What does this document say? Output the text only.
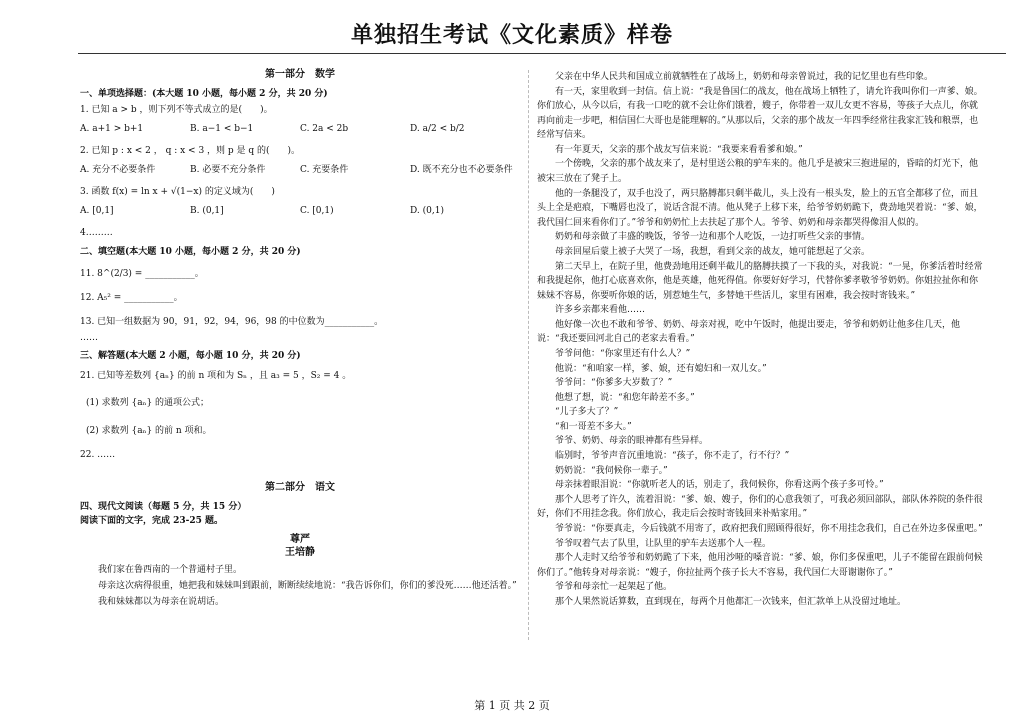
单独招生考试《文化素质》样卷
第一部分　数学
一、单项选择题：(本大题 10 小题，每小题 2 分，共 20 分)
1. 已知 a > b ，则下列不等式成立的是(　　)。
A. a+1 > b+1	B. a−1 < b−1	C. 2a < 2b	D. a/2 < b/2
2. 已知 p : x < 2 ， q : x < 3 ，则 p 是 q 的(　　)。
A. 充分不必要条件	B. 必要不充分条件	C. 充要条件	D. 既不充分也不必要条件
3. 函数 f(x) = ln x + √(1−x) 的定义域为(　　)
A. [0,1]	B. (0,1]	C. [0,1)	D. (0,1)
4………
二、填空题(本大题 10 小题，每小题 2 分，共 20 分)
11. 8^(2/3) = ___________。
12. A₅² = ___________。
13. 已知一组数据为 90，91，92，94，96，98 的中位数为___________。
……
三、解答题(本大题 2 小题，每小题 10 分，共 20 分)
21. 已知等差数列 {aₙ} 的前 n 项和为 Sₙ ，且 a₃ = 5 ，S₂ = 4 。
(1) 求数列 {aₙ} 的通项公式；
(2) 求数列 {aₙ} 的前 n 项和。
22. ……
第二部分　语文
四、现代文阅读（每题 5 分，共 15 分）
阅读下面的文字，完成 23-25 题。
尊严
王培静

我们家在鲁西南的一个普通村子里。

母亲这次病得很重，她把我和妹妹叫到跟前，断断续续地说：“我告诉你们，你们的爹没死……他还活着。”

我和妹妹都以为母亲在说胡话。

父亲在中华人民共和国成立前就牺牲在了战场上，奶奶和母亲曾说过，我的记忆里也有些印象。

有一天，家里收到一封信。信上说：“我是鲁国仁的战友，他在战场上牺牲了，请允许我叫你们一声爹、娘。你们放心，从今以后，有我一口吃的就不会让你们饿着，嫂子，你带着一双儿女更不容易，等孩子大点儿，你就再向前走一步吧，相信国仁大哥也是能理解的。”从那以后，父亲的那个战友一年四季经常往我家汇钱和粮票，也经常写信来。

有一年夏天，父亲的那个战友写信来说：“我要来看看爹和娘。”

一个傍晚，父亲的那个战友来了，是村里送公粮的驴车来的。他几乎是被宋三抱进屋的，昏暗的灯光下，他被宋三放在了凳子上。

他的一条腿没了，双手也没了，两只胳膊都只剩半截儿，头上没有一根头发，脸上的五官全都移了位，而且头上全是疤痕，下嘴唇也没了，说话含混不清。他从凳子上移下来，给爷爷奶奶跪下，费劲地哭着说：“爹、娘，我代国仁回来看你们了。”爷爷和奶奶忙上去扶起了那个人。爷爷、奶奶和母亲都哭得像泪人似的。

奶奶和母亲做了丰盛的晚饭，爷爷一边和那个人吃饭，一边打听些父亲的事情。

母亲回屋后蒙上被子大哭了一场，我想，看到父亲的战友，她可能想起了父亲。

第二天早上，在院子里，他费劲地用还剩半截儿的胳膊扶摸了一下我的头，对我说：“一晃，你爹活着时经常和我提起你，他打心底喜欢你，他是英雄，他死得值。你要好好学习，代替你爹孝敬爷爷奶奶。你姐拉扯你和你妹妹不容易，你要听你娘的话，别惹她生气，多替她干些活儿，家里有困难，我会按时寄钱来。”

许多乡亲都来看他……

他好像一次也不敢和爷爷、奶奶、母亲对视，吃中午饭时，他提出要走，爷爷和奶奶让他多住几天，他说：“我还要回河北自己的老家去看看。”

爷爷问他：“你家里还有什么人？”

他说：“和咱家一样，爹、娘，还有媳妇和一双儿女。”

爷爷问：“你爹多大岁数了？”

他想了想，说：“和您年龄差不多。”

“儿子多大了？”

“和一哥差不多大。”

爷爷、奶奶、母亲的眼神都有些异样。

临别时，爷爷声音沉重地说：“孩子，你不走了，行不行？”

奶奶说：“我伺候你一辈子。”

母亲抹着眼泪说：“你就听老人的话，别走了，我伺候你，你看这两个孩子多可怜。”

那个人思考了许久，流着泪说：“爹、娘、嫂子，你们的心意我领了，可我必须回部队，部队休养院的条件很好，你们不用挂念我。你们放心，我走后会按时寄钱回来补贴家用。”

爷爷说：“你要真走，今后钱就不用寄了，政府把我们照顾得很好，你不用挂念我们，自己在外边多保重吧。”

爷爷叹着气去了队里，让队里的驴车去送那个人一程。

那个人走时又给爷爷和奶奶跪了下来，他用沙哑的嗓音说：“爹、娘，你们多保重吧，儿子不能留在跟前伺候你们了。”他转身对母亲说：“嫂子，你拉扯两个孩子长大不容易，我代国仁大哥谢谢你了。”

爷爷和母亲忙一起架起了他。

那个人果然说话算数，直到现在，每两个月他都汇一次钱来，但汇款单上从没留过地址。

第 1 页 共 2 页
